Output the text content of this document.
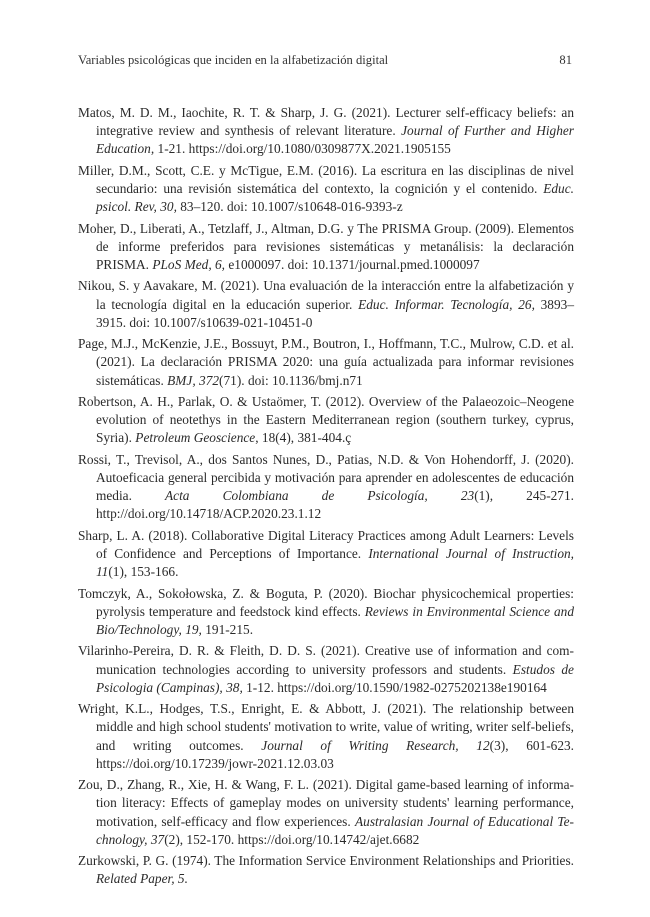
Variables psicológicas que inciden en la alfabetización digital	81
Matos, M. D. M., Iaochite, R. T. & Sharp, J. G. (2021). Lecturer self-efficacy beliefs: an integrative review and synthesis of relevant literature. Journal of Further and Higher Education, 1-21. https://doi.org/10.1080/0309877X.2021.1905155
Miller, D.M., Scott, C.E. y McTigue, E.M. (2016). La escritura en las disciplinas de nivel secundario: una revisión sistemática del contexto, la cognición y el contenido. Educ. psicol. Rev, 30, 83–120. doi: 10.1007/s10648-016-9393-z
Moher, D., Liberati, A., Tetzlaff, J., Altman, D.G. y The PRISMA Group. (2009). Elementos de informe preferidos para revisiones sistemáticas y metanálisis: la declaración PRISMA. PLoS Med, 6, e1000097. doi: 10.1371/journal.pmed.1000097
Nikou, S. y Aavakare, M. (2021). Una evaluación de la interacción entre la alfabetización y la tecnología digital en la educación superior. Educ. Informar. Tecnología, 26, 3893–3915. doi: 10.1007/s10639-021-10451-0
Page, M.J., McKenzie, J.E., Bossuyt, P.M., Boutron, I., Hoffmann, T.C., Mulrow, C.D. et al. (2021). La declaración PRISMA 2020: una guía actualizada para informar revisiones sistemáticas. BMJ, 372(71). doi: 10.1136/bmj.n71
Robertson, A. H., Parlak, O. & Ustaömer, T. (2012). Overview of the Palaeozoic–Neogene evolution of neotethys in the Eastern Mediterranean region (southern turkey, cyprus, Syria). Petroleum Geoscience, 18(4), 381-404.ç
Rossi, T., Trevisol, A., dos Santos Nunes, D., Patias, N.D. & Von Hohendorff, J. (2020). Autoeficacia general percibida y motivación para aprender en adolescentes de educación media. Acta Colombiana de Psicología, 23(1), 245-271. http://doi.org/10.14718/ACP.2020.23.1.12
Sharp, L. A. (2018). Collaborative Digital Literacy Practices among Adult Learners: Levels of Confidence and Perceptions of Importance. International Journal of Instruction, 11(1), 153-166.
Tomczyk, A., Sokołowska, Z. & Boguta, P. (2020). Biochar physicochemical properties: pyrolysis temperature and feedstock kind effects. Reviews in Environmental Science and Bio/Technology, 19, 191-215.
Vilarinho-Pereira, D. R. & Fleith, D. D. S. (2021). Creative use of information and communication technologies according to university professors and students. Estudos de Psicologia (Campinas), 38, 1-12. https://doi.org/10.1590/1982-0275202138e190164
Wright, K.L., Hodges, T.S., Enright, E. & Abbott, J. (2021). The relationship between middle and high school students' motivation to write, value of writing, writer self-beliefs, and writing outcomes. Journal of Writing Research, 12(3), 601-623. https://doi.org/10.17239/jowr-2021.12.03.03
Zou, D., Zhang, R., Xie, H. & Wang, F. L. (2021). Digital game-based learning of information literacy: Effects of gameplay modes on university students' learning performance, motivation, self-efficacy and flow experiences. Australasian Journal of Educational Technology, 37(2), 152-170. https://doi.org/10.14742/ajet.6682
Zurkowski, P. G. (1974). The Information Service Environment Relationships and Priorities. Related Paper, 5.
